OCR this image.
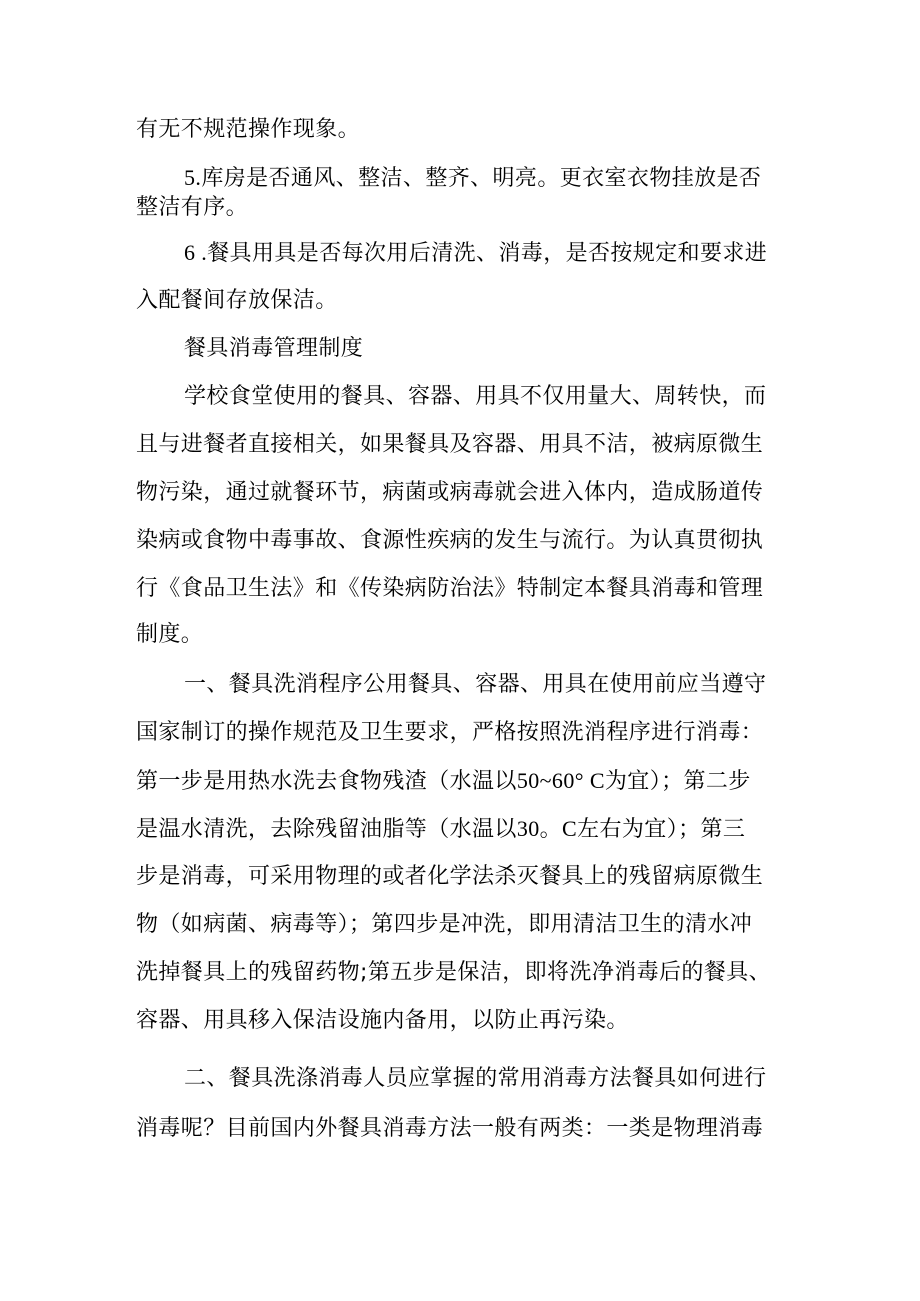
有无不规范操作现象。
5.库房是否通风、整洁、整齐、明亮。更衣室衣物挂放是否
整洁有序。
6 .餐具用具是否每次用后清洗、消毒，是否按规定和要求进
入配餐间存放保洁。
餐具消毒管理制度
学校食堂使用的餐具、容器、用具不仅用量大、周转快，而
且与进餐者直接相关，如果餐具及容器、用具不洁，被病原微生
物污染，通过就餐环节，病菌或病毒就会进入体内，造成肠道传
染病或食物中毒事故、食源性疾病的发生与流行。为认真贯彻执
行《食品卫生法》和《传染病防治法》特制定本餐具消毒和管理
制度。
一、餐具洗消程序公用餐具、容器、用具在使用前应当遵守
国家制订的操作规范及卫生要求，严格按照洗消程序进行消毒：
第一步是用热水洗去食物残渣（水温以50~60° C为宜）；第二步
是温水清洗，去除残留油脂等（水温以30。C左右为宜）；第三
步是消毒，可采用物理的或者化学法杀灭餐具上的残留病原微生
物（如病菌、病毒等）；第四步是冲洗，即用清洁卫生的清水冲
洗掉餐具上的残留药物;第五步是保洁，即将洗净消毒后的餐具、
容器、用具移入保洁设施内备用，以防止再污染。
二、餐具洗涤消毒人员应掌握的常用消毒方法餐具如何进行
消毒呢？目前国内外餐具消毒方法一般有两类：一类是物理消毒
